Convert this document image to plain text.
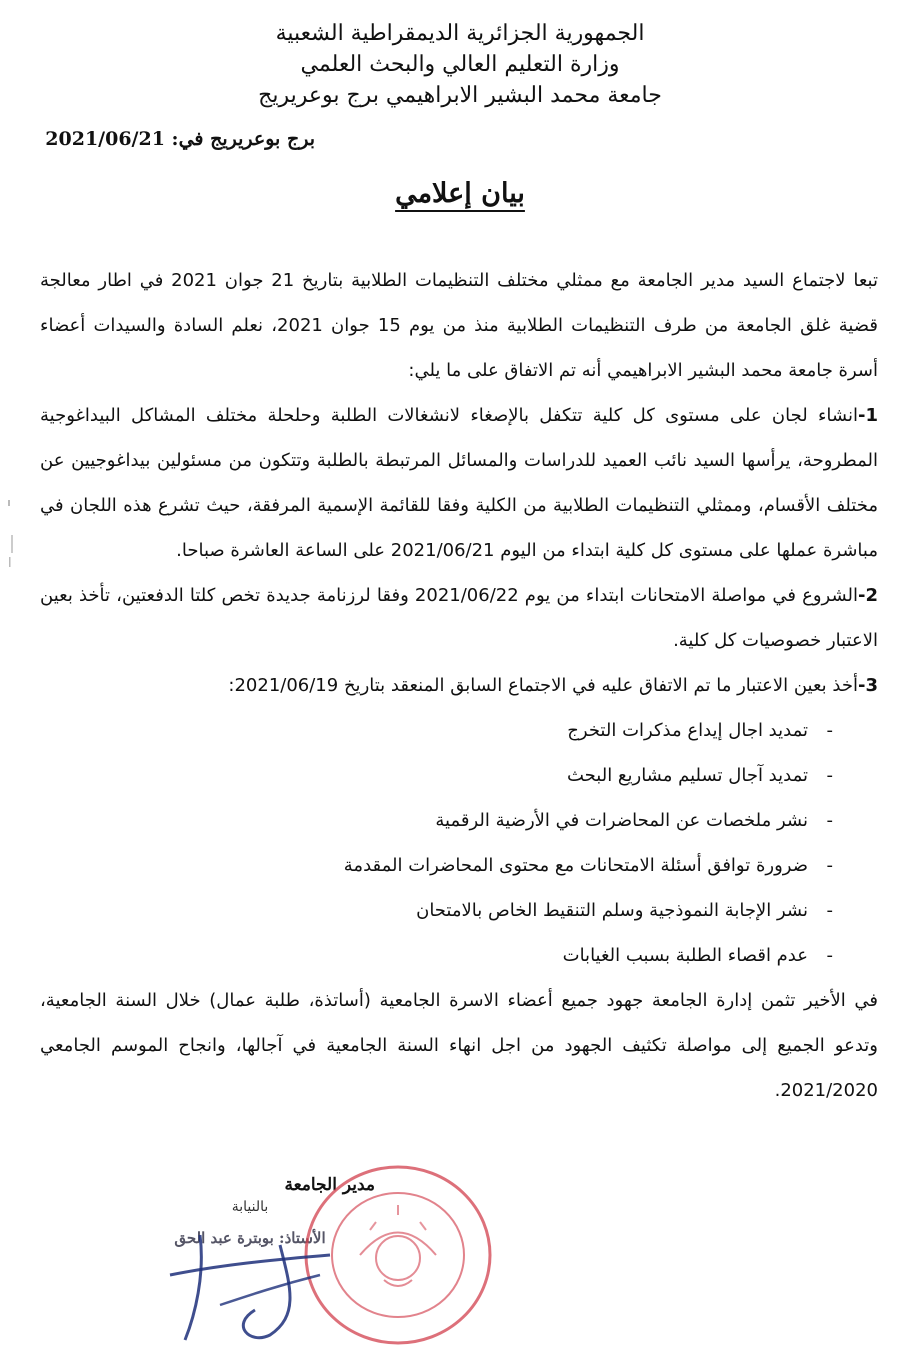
الجمهورية الجزائرية الديمقراطية الشعبية
وزارة التعليم العالي والبحث العلمي
جامعة محمد البشير الابراهيمي برج بوعريريج
برج بوعريريج في: 2021/06/21
بيان إعلامي
تبعا لاجتماع السيد مدير الجامعة مع ممثلي مختلف التنظيمات الطلابية بتاريخ 21 جوان 2021 في اطار معالجة قضية غلق الجامعة من طرف التنظيمات الطلابية منذ من يوم 15 جوان 2021، نعلم السادة والسيدات أعضاء أسرة جامعة محمد البشير الابراهيمي أنه تم الاتفاق على ما يلي:
1-انشاء لجان على مستوى كل كلية تتكفل بالإصغاء لانشغالات الطلبة وحلحلة مختلف المشاكل البيداغوجية المطروحة، يرأسها السيد نائب العميد للدراسات والمسائل المرتبطة بالطلبة وتتكون من مسئولين بيداغوجيين عن مختلف الأقسام، وممثلي التنظيمات الطلابية من الكلية وفقا للقائمة الإسمية المرفقة، حيث تشرع هذه اللجان في مباشرة عملها على مستوى كل كلية ابتداء من اليوم 2021/06/21 على الساعة العاشرة صباحا.
2-الشروع في مواصلة الامتحانات ابتداء من يوم 2021/06/22 وفقا لرزنامة جديدة تخص كلتا الدفعتين، تأخذ بعين الاعتبار خصوصيات كل كلية.
3-أخذ بعين الاعتبار ما تم الاتفاق عليه في الاجتماع السابق المنعقد بتاريخ 2021/06/19:
-
تمديد اجال إيداع مذكرات التخرج
-
تمديد آجال تسليم مشاريع البحث
-
نشر ملخصات عن المحاضرات في الأرضية الرقمية
-
ضرورة توافق أسئلة الامتحانات مع محتوى المحاضرات المقدمة
-
نشر الإجابة النموذجية وسلم التنقيط الخاص بالامتحان
-
عدم اقصاء الطلبة بسبب الغيابات
في الأخير تثمن إدارة الجامعة جهود جميع أعضاء الاسرة الجامعية (أساتذة، طلبة عمال) خلال السنة الجامعية، وتدعو الجميع إلى مواصلة تكثيف الجهود من اجل انهاء السنة الجامعية في آجالها، وانجاح الموسم الجامعي 2021/2020.
مدير الجامعة
بالنيابة
الأستاذ: بوبترة عبد الحق
